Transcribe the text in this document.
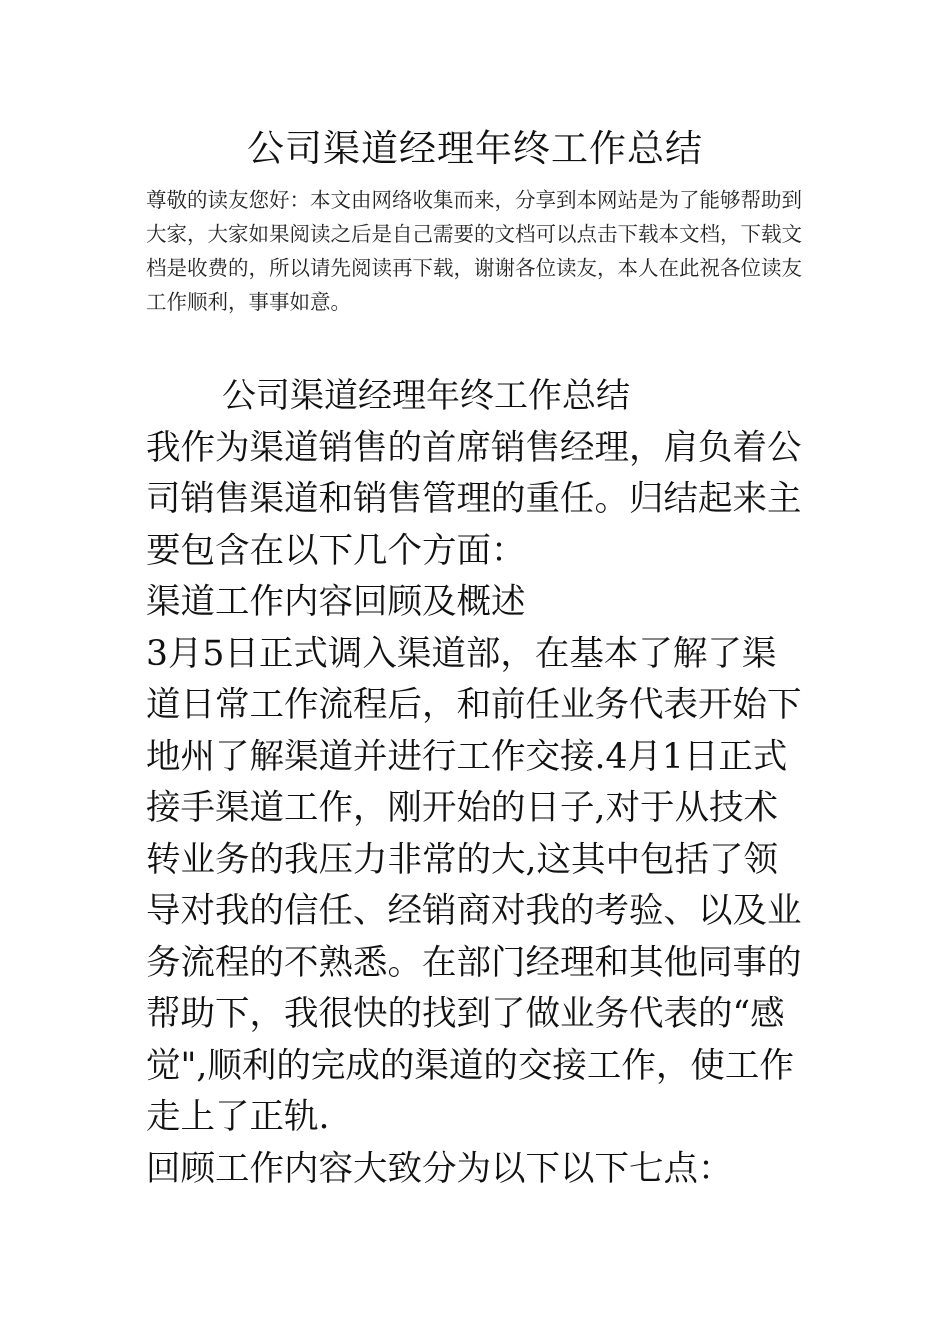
公司渠道经理年终工作总结

尊敬的读友您好：本文由网络收集而来，分享到本网站是为了能够帮助到大家，大家如果阅读之后是自己需要的文档可以点击下载本文档，下载文档是收费的，所以请先阅读再下载，谢谢各位读友，本人在此祝各位读友工作顺利，事事如意。

公司渠道经理年终工作总结

我作为渠道销售的首席销售经理，肩负着公司销售渠道和销售管理的重任。归结起来主要包含在以下几个方面：

渠道工作内容回顾及概述

3月5日正式调入渠道部，在基本了解了渠道日常工作流程后，和前任业务代表开始下地州了解渠道并进行工作交接.4月1日正式接手渠道工作，刚开始的日子,对于从技术转业务的我压力非常的大,这其中包括了领导对我的信任、经销商对我的考验、以及业务流程的不熟悉。在部门经理和其他同事的帮助下，我很快的找到了做业务代表的“感觉",顺利的完成的渠道的交接工作，使工作走上了正轨.

回顾工作内容大致分为以下以下七点：
